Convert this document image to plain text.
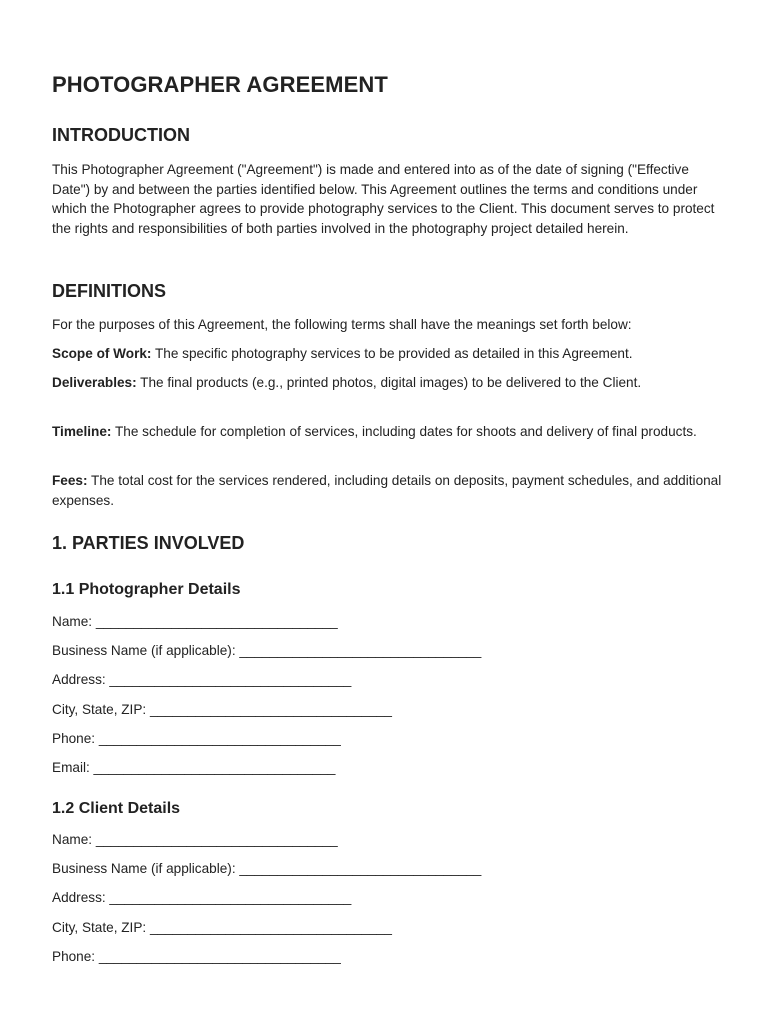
PHOTOGRAPHER AGREEMENT
INTRODUCTION

This Photographer Agreement ("Agreement") is made and entered into as of the date of signing ("Effective Date") by and between the parties identified below. This Agreement outlines the terms and conditions under which the Photographer agrees to provide photography services to the Client. This document serves to protect the rights and responsibilities of both parties involved in the photography project detailed herein.

DEFINITIONS

For the purposes of this Agreement, the following terms shall have the meanings set forth below:

Scope of Work: The specific photography services to be provided as detailed in this Agreement.

Deliverables: The final products (e.g., printed photos, digital images) to be delivered to the Client.

Timeline: The schedule for completion of services, including dates for shoots and delivery of final products.

Fees: The total cost for the services rendered, including details on deposits, payment schedules, and additional expenses.

1. PARTIES INVOLVED
1.1 Photographer Details

Name: ________________________________

Business Name (if applicable): ________________________________

Address: ________________________________

City, State, ZIP: ________________________________

Phone: ________________________________

Email: ________________________________

1.2 Client Details

Name: ________________________________

Business Name (if applicable): ________________________________

Address: ________________________________

City, State, ZIP: ________________________________

Phone: ________________________________
